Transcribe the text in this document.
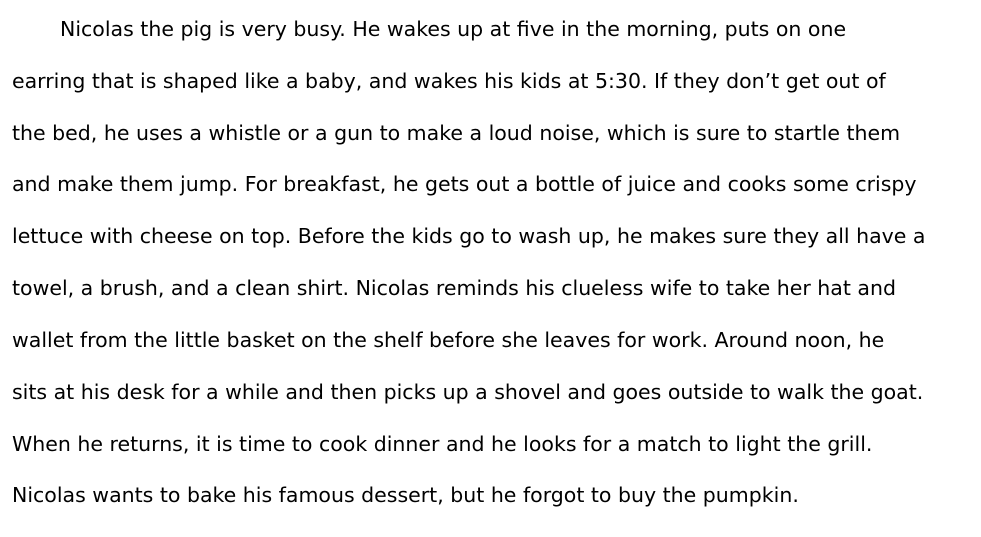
Nicolas the pig is very busy. He wakes up at five in the morning, puts on one
earring that is shaped like a baby, and wakes his kids at 5:30. If they don’t get out of
the bed, he uses a whistle or a gun to make a loud noise, which is sure to startle them
and make them jump. For breakfast, he gets out a bottle of juice and cooks some crispy
lettuce with cheese on top. Before the kids go to wash up, he makes sure they all have a
towel, a brush, and a clean shirt. Nicolas reminds his clueless wife to take her hat and
wallet from the little basket on the shelf before she leaves for work. Around noon, he
sits at his desk for a while and then picks up a shovel and goes outside to walk the goat.
When he returns, it is time to cook dinner and he looks for a match to light the grill.
Nicolas wants to bake his famous dessert, but he forgot to buy the pumpkin.
